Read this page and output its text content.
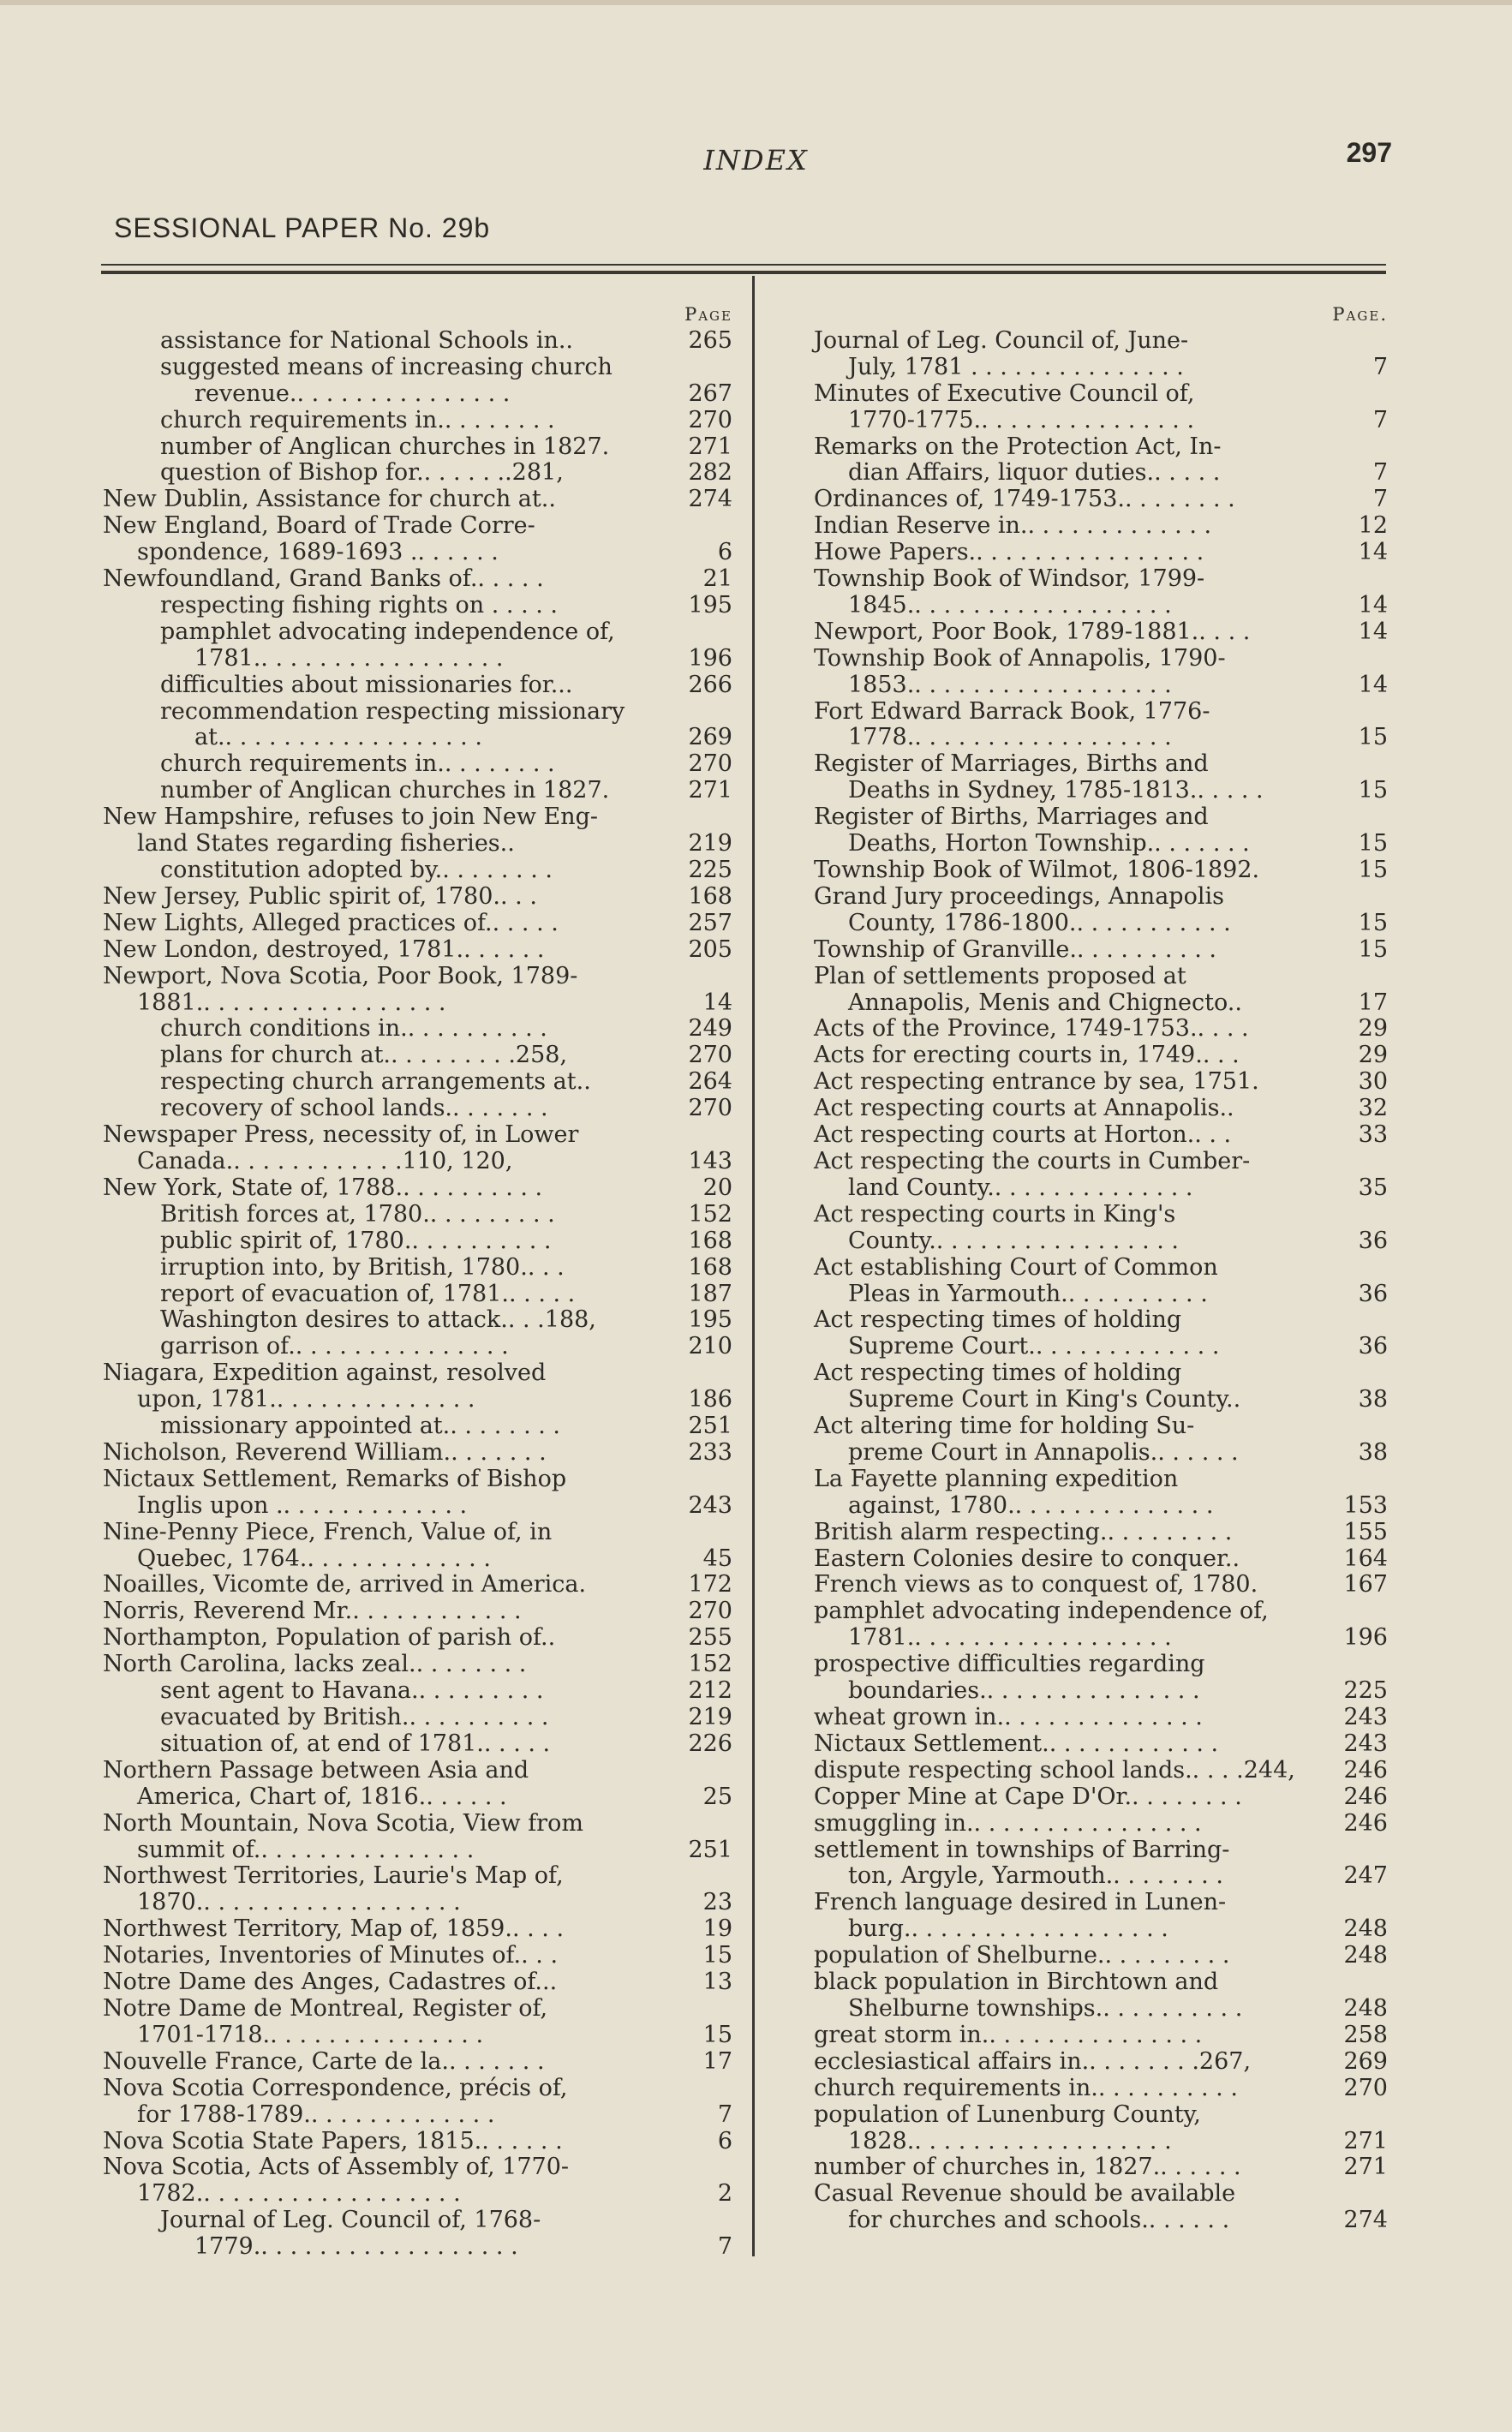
INDEX	297
SESSIONAL PAPER No. 29b
Page
assistance for National Schools in..	265
suggested means of increasing church
revenue.. . . . . . . . . . . . . . .	267
church requirements in.. . . . . . . .	270
number of Anglican churches in 1827.	271
question of Bishop for.. . . . . ..281,	282
New Dublin, Assistance for church at..	274
New England, Board of Trade Corre-
spondence, 1689-1693 .. . . . . .	6
Newfoundland, Grand Banks of.. . . . .	21
respecting fishing rights on . . . . .	195
pamphlet advocating independence of,
1781.. . . . . . . . . . . . . . . . .	196
difficulties about missionaries for...	266
recommendation respecting missionary
at.. . . . . . . . . . . . . . . . . .	269
church requirements in.. . . . . . . .	270
number of Anglican churches in 1827.	271
New Hampshire, refuses to join New Eng-
land States regarding fisheries..	219
constitution adopted by.. . . . . . . .	225
New Jersey, Public spirit of, 1780.. . .	168
New Lights, Alleged practices of.. . . . .	257
New London, destroyed, 1781.. . . . . .	205
Newport, Nova Scotia, Poor Book, 1789-
1881.. . . . . . . . . . . . . . . . .	14
church conditions in.. . . . . . . . . .	249
plans for church at.. . . . . . . . .258,	270
respecting church arrangements at..	264
recovery of school lands.. . . . . . .	270
Newspaper Press, necessity of, in Lower
Canada.. . . . . . . . . . . .110, 120,	143
New York, State of, 1788.. . . . . . . . . .	20
British forces at, 1780.. . . . . . . . .	152
public spirit of, 1780.. . . . . . . . . .	168
irruption into, by British, 1780.. . .	168
report of evacuation of, 1781.. . . . .	187
Washington desires to attack.. . .188,	195
garrison of.. . . . . . . . . . . . . . .	210
Niagara, Expedition against, resolved
upon, 1781.. . . . . . . . . . . . . .	186
missionary appointed at.. . . . . . . .	251
Nicholson, Reverend William.. . . . . . .	233
Nictaux Settlement, Remarks of Bishop
Inglis upon .. . . . . . . . . . . . .	243
Nine-Penny Piece, French, Value of, in
Quebec, 1764.. . . . . . . . . . . . .	45
Noailles, Vicomte de, arrived in America.	172
Norris, Reverend Mr.. . . . . . . . . . . .	270
Northampton, Population of parish of..	255
North Carolina, lacks zeal.. . . . . . . .	152
sent agent to Havana.. . . . . . . . .	212
evacuated by British.. . . . . . . . . .	219
situation of, at end of 1781.. . . . .	226
Northern Passage between Asia and
America, Chart of, 1816.. . . . . .	25
North Mountain, Nova Scotia, View from
summit of.. . . . . . . . . . . . . . .	251
Northwest Territories, Laurie's Map of,
1870.. . . . . . . . . . . . . . . . . .	23
Northwest Territory, Map of, 1859.. . . .	19
Notaries, Inventories of Minutes of.. . .	15
Notre Dame des Anges, Cadastres of...	13
Notre Dame de Montreal, Register of,
1701-1718.. . . . . . . . . . . . . . .	15
Nouvelle France, Carte de la.. . . . . . .	17
Nova Scotia Correspondence, précis of,
for 1788-1789.. . . . . . . . . . . . .	7
Nova Scotia State Papers, 1815.. . . . . .	6
Nova Scotia, Acts of Assembly of, 1770-
1782.. . . . . . . . . . . . . . . . . .	2
Journal of Leg. Council of, 1768-
1779.. . . . . . . . . . . . . . . . . .	7
Page.
Journal of Leg. Council of, June-
July, 1781 . . . . . . . . . . . . . . .	7
Minutes of Executive Council of,
1770-1775.. . . . . . . . . . . . . . .	7
Remarks on the Protection Act, In-
dian Affairs, liquor duties.. . . . .	7
Ordinances of, 1749-1753.. . . . . . . .	7
Indian Reserve in.. . . . . . . . . . . . .	12
Howe Papers.. . . . . . . . . . . . . . . .	14
Township Book of Windsor, 1799-
1845.. . . . . . . . . . . . . . . . . .	14
Newport, Poor Book, 1789-1881.. . . .	14
Township Book of Annapolis, 1790-
1853.. . . . . . . . . . . . . . . . . .	14
Fort Edward Barrack Book, 1776-
1778.. . . . . . . . . . . . . . . . . .	15
Register of Marriages, Births and
Deaths in Sydney, 1785-1813.. . . . .	15
Register of Births, Marriages and
Deaths, Horton Township.. . . . . . .	15
Township Book of Wilmot, 1806-1892.	15
Grand Jury proceedings, Annapolis
County, 1786-1800.. . . . . . . . . . .	15
Township of Granville.. . . . . . . . . .	15
Plan of settlements proposed at
Annapolis, Menis and Chignecto..	17
Acts of the Province, 1749-1753.. . . .	29
Acts for erecting courts in, 1749.. . .	29
Act respecting entrance by sea, 1751.	30
Act respecting courts at Annapolis..	32
Act respecting courts at Horton.. . .	33
Act respecting the courts in Cumber-
land County.. . . . . . . . . . . . . .	35
Act respecting courts in King's
County.. . . . . . . . . . . . . . . . .	36
Act establishing Court of Common
Pleas in Yarmouth.. . . . . . . . . .	36
Act respecting times of holding
Supreme Court.. . . . . . . . . . . . .	36
Act respecting times of holding
Supreme Court in King's County..	38
Act altering time for holding Su-
preme Court in Annapolis.. . . . . .	38
La Fayette planning expedition
against, 1780.. . . . . . . . . . . . . .	153
British alarm respecting.. . . . . . . . .	155
Eastern Colonies desire to conquer..	164
French views as to conquest of, 1780.	167
pamphlet advocating independence of,
1781.. . . . . . . . . . . . . . . . . .	196
prospective difficulties regarding
boundaries.. . . . . . . . . . . . . . .	225
wheat grown in.. . . . . . . . . . . . . .	243
Nictaux Settlement.. . . . . . . . . . . .	243
dispute respecting school lands.. . . .244,	246
Copper Mine at Cape D'Or.. . . . . . . .	246
smuggling in.. . . . . . . . . . . . . . . .	246
settlement in townships of Barring-
ton, Argyle, Yarmouth.. . . . . . . .	247
French language desired in Lunen-
burg.. . . . . . . . . . . . . . . . . .	248
population of Shelburne.. . . . . . . . .	248
black population in Birchtown and
Shelburne townships.. . . . . . . . . .	248
great storm in.. . . . . . . . . . . . . . .	258
ecclesiastical affairs in.. . . . . . . .267,	269
church requirements in.. . . . . . . . . .	270
population of Lunenburg County,
1828.. . . . . . . . . . . . . . . . . .	271
number of churches in, 1827.. . . . . .	271
Casual Revenue should be available
for churches and schools.. . . . . .	274
